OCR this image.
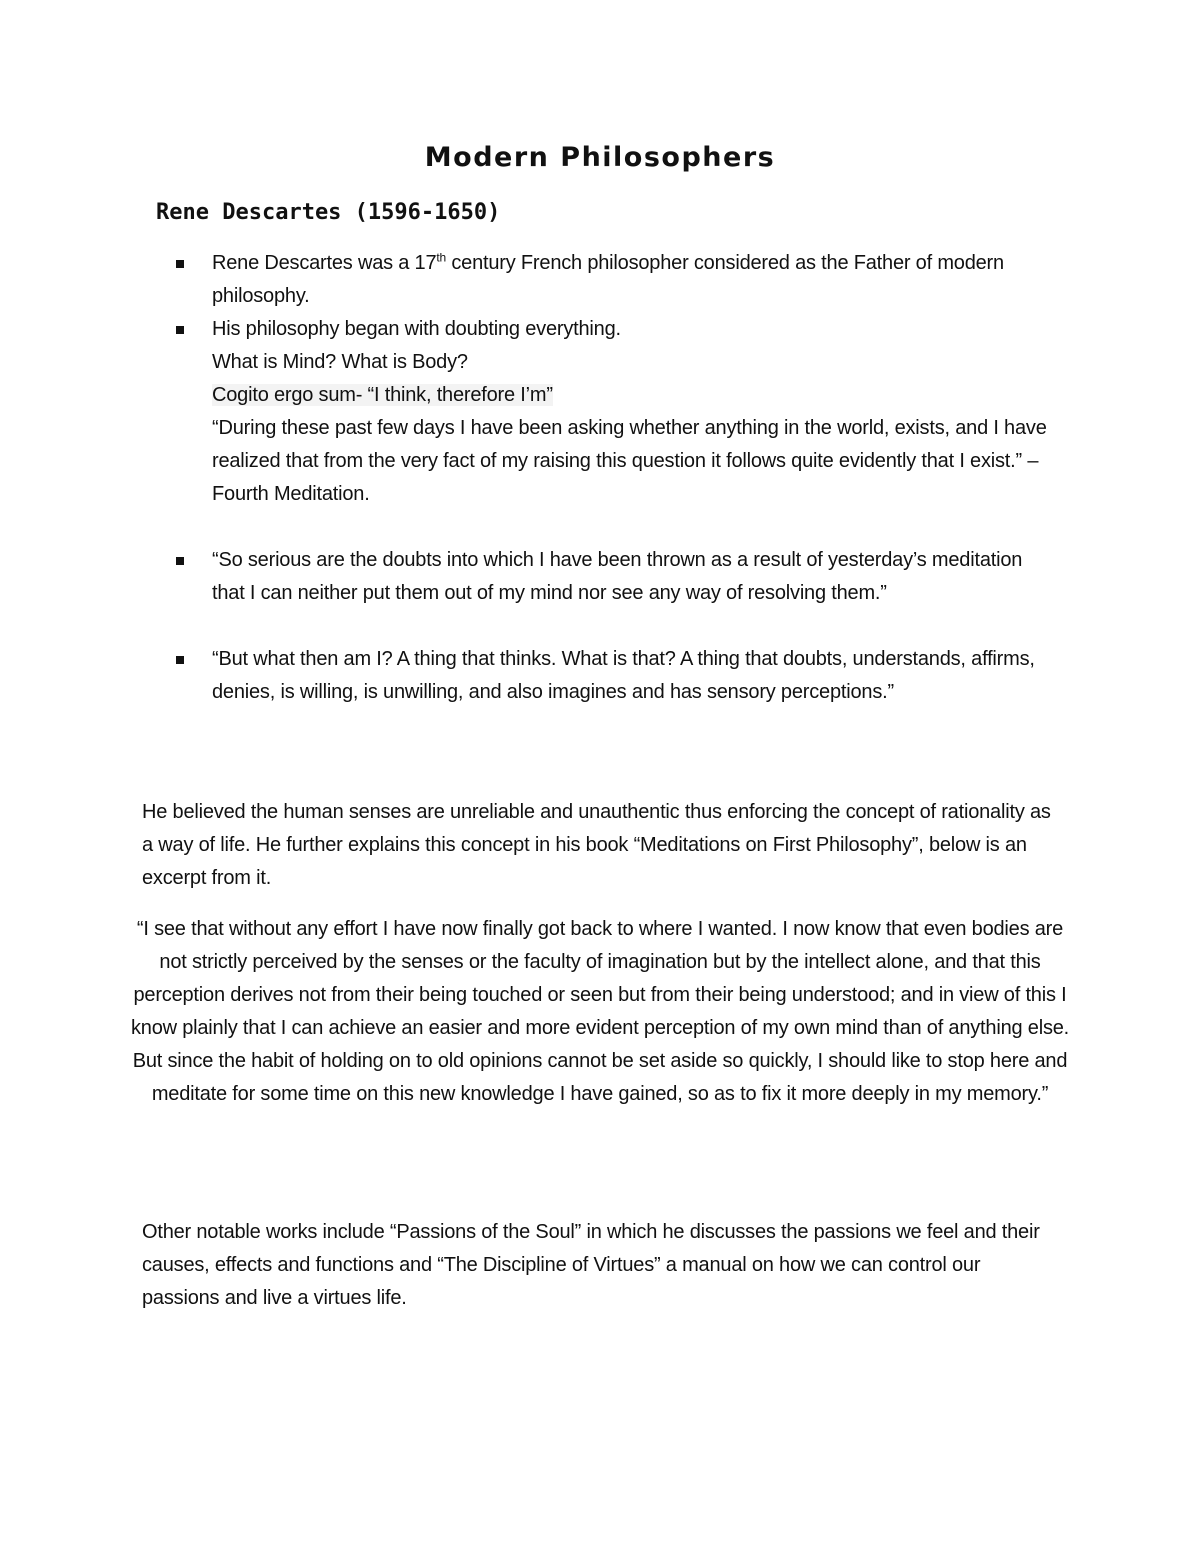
Modern Philosophers
Rene Descartes (1596-1650)

Rene Descartes was a 17th century French philosopher considered as the Father of modern philosophy.

His philosophy began with doubting everything.

What is Mind? What is Body?

Cogito ergo sum- “I think, therefore I’m”

“During these past few days I have been asking whether anything in the world, exists, and I have realized that from the very fact of my raising this question it follows quite evidently that I exist.” – Fourth Meditation.

“So serious are the doubts into which I have been thrown as a result of yesterday’s meditation that I can neither put them out of my mind nor see any way of resolving them.”

“But what then am I? A thing that thinks. What is that? A thing that doubts, understands, affirms, denies, is willing, is unwilling, and also imagines and has sensory perceptions.”

He believed the human senses are unreliable and unauthentic thus enforcing the concept of rationality as a way of life. He further explains this concept in his book “Meditations on First Philosophy”, below is an excerpt from it.

“I see that without any effort I have now finally got back to where I wanted. I now know that even bodies are not strictly perceived by the senses or the faculty of imagination but by the intellect alone, and that this perception derives not from their being touched or seen but from their being understood; and in view of this I know plainly that I can achieve an easier and more evident perception of my own mind than of anything else. But since the habit of holding on to old opinions cannot be set aside so quickly, I should like to stop here and meditate for some time on this new knowledge I have gained, so as to fix it more deeply in my memory.”

Other notable works include “Passions of the Soul” in which he discusses the passions we feel and their causes, effects and functions and “The Discipline of Virtues” a manual on how we can control our passions and live a virtues life.
